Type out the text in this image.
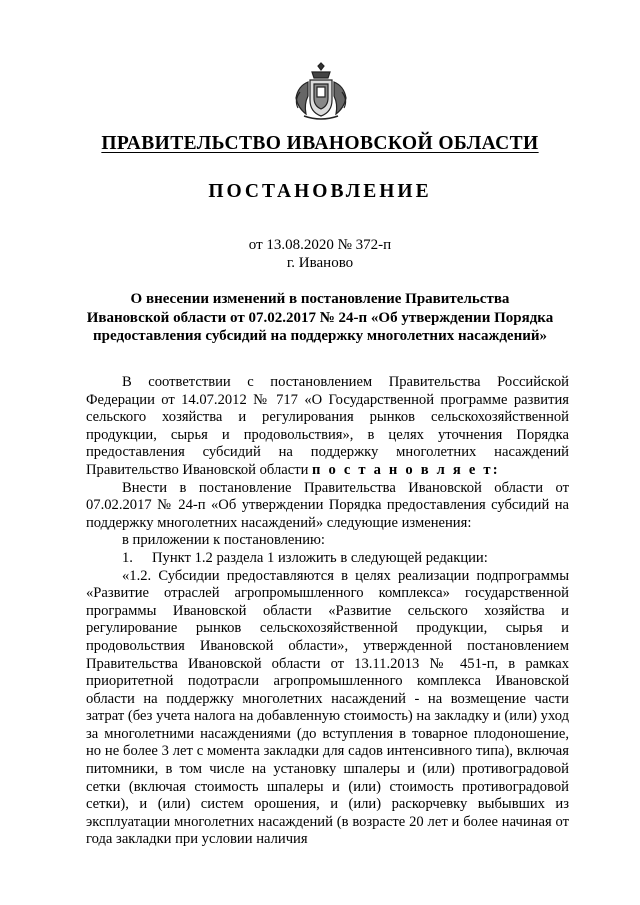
ПРАВИТЕЛЬСТВО ИВАНОВСКОЙ ОБЛАСТИ
ПОСТАНОВЛЕНИЕ
от 13.08.2020 № 372-п
г. Иваново
О внесении изменений в постановление Правительства
Ивановской области от 07.02.2017 № 24-п «Об утверждении Порядка
предоставления субсидий на поддержку многолетних насаждений»

В соответствии с постановлением Правительства Российской Федерации от 14.07.2012 № 717 «О Государственной программе развития сельского хозяйства и регулирования рынков сельскохозяйственной продукции, сырья и продовольствия», в целях уточнения Порядка предоставления субсидий на поддержку многолетних насаждений Правительство Ивановской области п о с т а н о в л я е т:

Внести в постановление Правительства Ивановской области от 07.02.2017 № 24-п «Об утверждении Порядка предоставления субсидий на поддержку многолетних насаждений» следующие изменения:

в приложении к постановлению:

1. Пункт 1.2 раздела 1 изложить в следующей редакции:

«1.2. Субсидии предоставляются в целях реализации подпрограммы «Развитие отраслей агропромышленного комплекса» государственной программы Ивановской области «Развитие сельского хозяйства и регулирование рынков сельскохозяйственной продукции, сырья и продовольствия Ивановской области», утвержденной постановлением Правительства Ивановской области от 13.11.2013 № 451-п, в рамках приоритетной подотрасли агропромышленного комплекса Ивановской области на поддержку многолетних насаждений - на возмещение части затрат (без учета налога на добавленную стоимость) на закладку и (или) уход за многолетними насаждениями (до вступления в товарное плодоношение, но не более 3 лет с момента закладки для садов интенсивного типа), включая питомники, в том числе на установку шпалеры и (или) противоградовой сетки (включая стоимость шпалеры и (или) стоимость противоградовой сетки), и (или) систем орошения, и (или) раскорчевку выбывших из эксплуатации многолетних насаждений (в возрасте 20 лет и более начиная от года закладки при условии наличия
